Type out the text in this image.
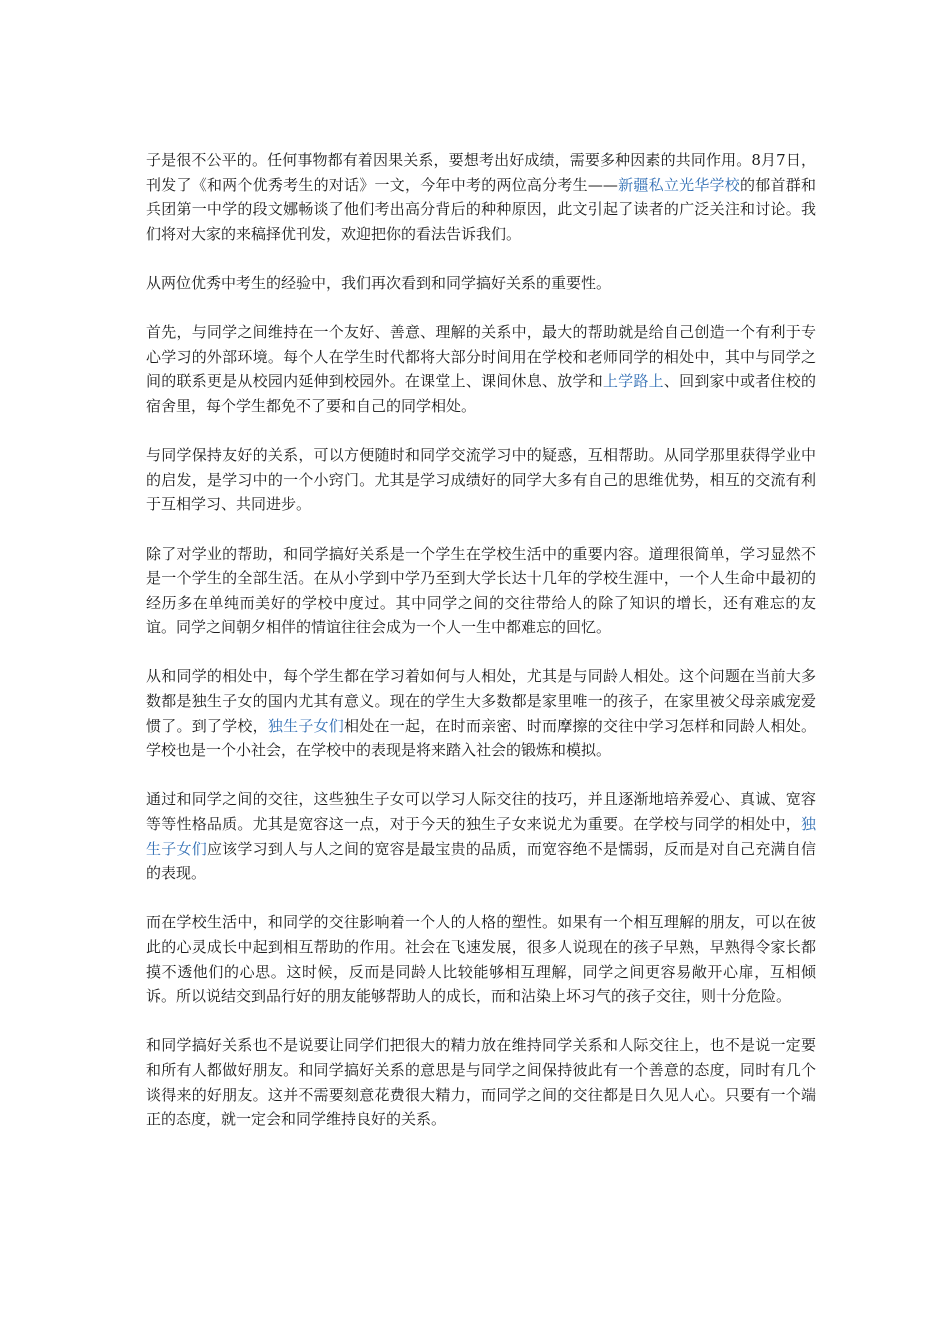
子是很不公平的。任何事物都有着因果关系，要想考出好成绩，需要多种因素的共同作用。8月7日，刊发了《和两个优秀考生的对话》一文，今年中考的两位高分考生——新疆私立光华学校的郁首群和兵团第一中学的段文娜畅谈了他们考出高分背后的种种原因，此文引起了读者的广泛关注和讨论。我们将对大家的来稿择优刊发，欢迎把你的看法告诉我们。

从两位优秀中考生的经验中，我们再次看到和同学搞好关系的重要性。

首先，与同学之间维持在一个友好、善意、理解的关系中，最大的帮助就是给自己创造一个有利于专心学习的外部环境。每个人在学生时代都将大部分时间用在学校和老师同学的相处中，其中与同学之间的联系更是从校园内延伸到校园外。在课堂上、课间休息、放学和上学路上、回到家中或者住校的宿舍里，每个学生都免不了要和自己的同学相处。

与同学保持友好的关系，可以方便随时和同学交流学习中的疑惑，互相帮助。从同学那里获得学业中的启发，是学习中的一个小窍门。尤其是学习成绩好的同学大多有自己的思维优势，相互的交流有利于互相学习、共同进步。

除了对学业的帮助，和同学搞好关系是一个学生在学校生活中的重要内容。道理很简单，学习显然不是一个学生的全部生活。在从小学到中学乃至到大学长达十几年的学校生涯中，一个人生命中最初的经历多在单纯而美好的学校中度过。其中同学之间的交往带给人的除了知识的增长，还有难忘的友谊。同学之间朝夕相伴的情谊往往会成为一个人一生中都难忘的回忆。

从和同学的相处中，每个学生都在学习着如何与人相处，尤其是与同龄人相处。这个问题在当前大多数都是独生子女的国内尤其有意义。现在的学生大多数都是家里唯一的孩子，在家里被父母亲戚宠爱惯了。到了学校，独生子女们相处在一起，在时而亲密、时而摩擦的交往中学习怎样和同龄人相处。学校也是一个小社会，在学校中的表现是将来踏入社会的锻炼和模拟。

通过和同学之间的交往，这些独生子女可以学习人际交往的技巧，并且逐渐地培养爱心、真诚、宽容等等性格品质。尤其是宽容这一点，对于今天的独生子女来说尤为重要。在学校与同学的相处中，独生子女们应该学习到人与人之间的宽容是最宝贵的品质，而宽容绝不是懦弱，反而是对自己充满自信的表现。

而在学校生活中，和同学的交往影响着一个人的人格的塑性。如果有一个相互理解的朋友，可以在彼此的心灵成长中起到相互帮助的作用。社会在飞速发展，很多人说现在的孩子早熟，早熟得令家长都摸不透他们的心思。这时候，反而是同龄人比较能够相互理解，同学之间更容易敞开心扉，互相倾诉。所以说结交到品行好的朋友能够帮助人的成长，而和沾染上坏习气的孩子交往，则十分危险。

和同学搞好关系也不是说要让同学们把很大的精力放在维持同学关系和人际交往上，也不是说一定要和所有人都做好朋友。和同学搞好关系的意思是与同学之间保持彼此有一个善意的态度，同时有几个谈得来的好朋友。这并不需要刻意花费很大精力，而同学之间的交往都是日久见人心。只要有一个端正的态度，就一定会和同学维持良好的关系。
